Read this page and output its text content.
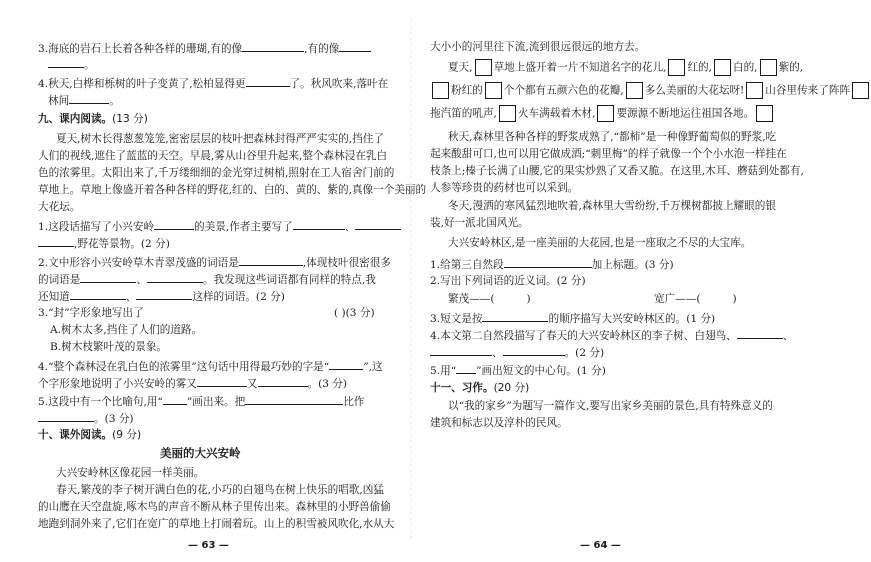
3.海底的岩石上长着各种各样的珊瑚,有的像	,有的像
。
4.秋天,白桦和栎树的叶子变黄了,松柏显得更	了。秋风吹来,落叶在
林间	。
九、课内阅读。(13 分)
夏天,树木长得葱葱笼笼,密密层层的枝叶把森林封得严严实实的,挡住了
人们的视线,遮住了蓝蓝的天空。早晨,雾从山谷里升起来,整个森林浸在乳白
色的浓雾里。太阳出来了,千万缕细细的金光穿过树梢,照射在工人宿舍门前的
草地上。草地上像盛开着各种各样的野花,红的、白的、黄的、紫的,真像一个美丽的
大花坛。
1.这段话描写了小兴安岭	的美景,作者主要写了	、
,野花等景物。(2 分)
2.文中形容小兴安岭草木青翠茂盛的词语是	,体现枝叶很密很多
的词语是	、	。我发现这些词语都有同样的特点,我
还知道	、	这样的词语。(2 分)
3.“封”字形象地写出了	( )(3 分)
A.树木太多,挡住了人们的道路。
B.树木枝繁叶茂的景象。
4.“整个森林浸在乳白色的浓雾里”这句话中用得最巧妙的字是“	”,这
个字形象地说明了小兴安岭的雾又	又	。(3 分)
5.这段中有一个比喻句,用“ ”画出来。把	比作
。(3 分)
十、课外阅读。(9 分)
美丽的大兴安岭
大兴安岭林区像花园一样美丽。
春天,繁茂的李子树开满白色的花,小巧的白翅鸟在树上快乐的唱歌,凶猛
的山鹰在天空盘旋,啄木鸟的声音不断从林子里传出来。森林里的小野兽偷偷
地跑到洞外来了,它们在宽广的草地上打闹着玩。山上的积雪被风吹化,水从大
— 63 —
大小小的河里往下流,流到很远很远的地方去。
夏天, 草地上盛开着一片不知道名字的花儿, 红的, 白的, 紫的,
粉红的 个个都有五颜六色的花瓣, 多么美丽的大花坛呀! 山谷里传来了阵阵
拖汽笛的吼声, 火车满载着木材, 要源源不断地运往祖国各地。
秋天,森林里各种各样的野浆成熟了,“都柿”是一种像野葡萄似的野浆,吃
起来酸甜可口,也可以用它做成酒;“刺里梅”的样子就像一个个小水泡一样挂在
枝条上;榛子长满了山腰,它的果实炒熟了又香又脆。在这里,木耳、蘑菇到处都有,
人参等珍贵的药材也可以采到。
冬天,漫洒的寒风猛烈地吹着,森林里大雪纷纷,千万棵树都披上耀眼的银
装,好一派北国风光。
大兴安岭林区,是一座美丽的大花园,也是一座取之不尽的大宝库。
1.给第三自然段	加上标题。(3 分)
2.写出下列词语的近义词。(2 分)
繁茂——(	)	宽广——(	)
3.短文是按	的顺序描写大兴安岭林区的。(1 分)
4.本文第二自然段描写了春天的大兴安岭林区的李子树、白翅鸟、	、
、	。(2 分)
5.用“ ”画出短文的中心句。(1 分)
十一、习作。(20 分)
以“我的家乡”为题写一篇作文,要写出家乡美丽的景色,具有特殊意义的
建筑和标志以及淳朴的民风。
— 64 —
